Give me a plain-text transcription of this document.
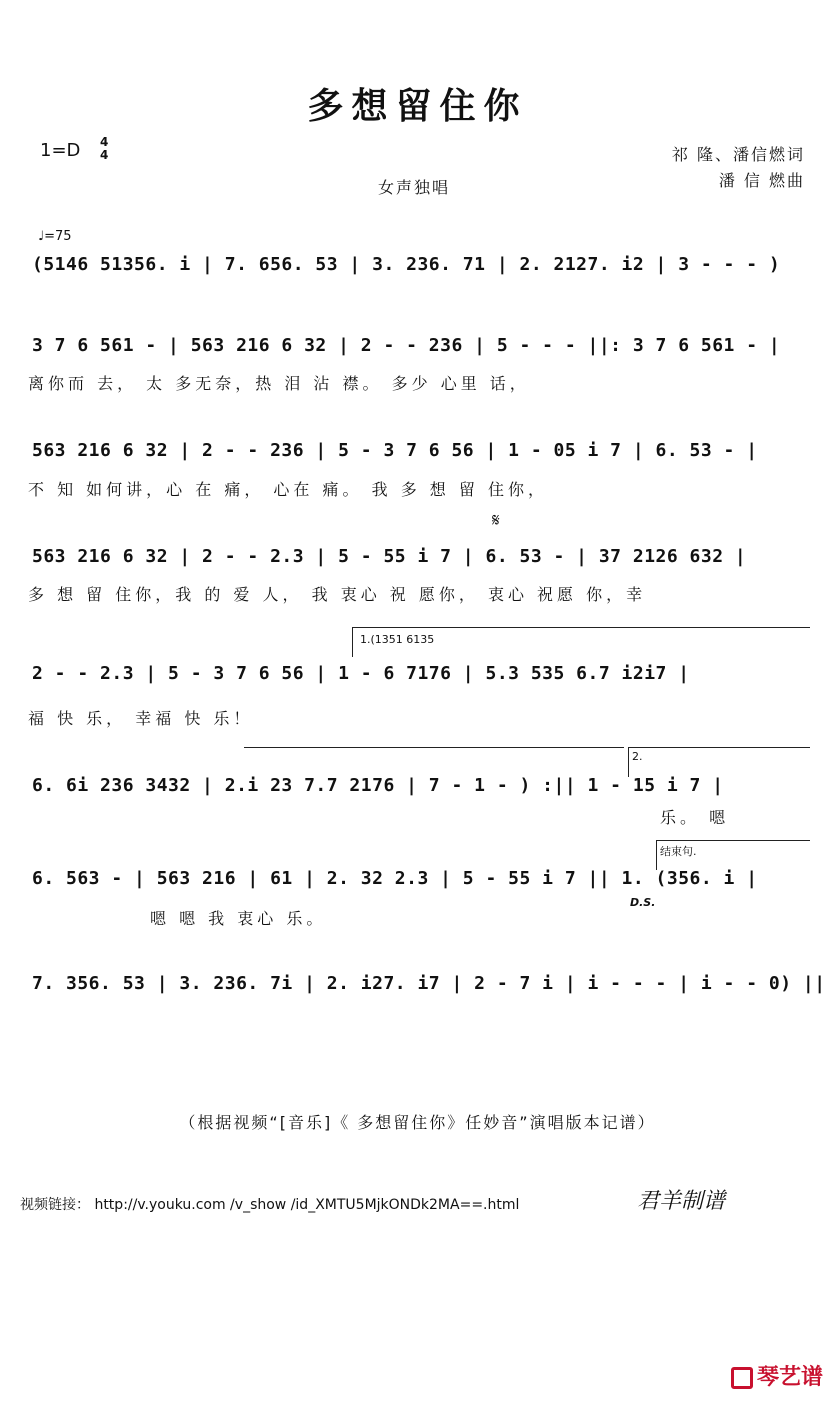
多想留住你
1=D 4
4	祁 隆、潘信燃词
潘 信 燃曲
女声独唱
♩=75
(5146 51356. i | 7. 656. 53 | 3. 236. 71 | 2. 2127. i2 | 3 - - - )
3 7 6 561 - | 563 216 6 32 | 2 - - 236 | 5 - - - ||: 3 7 6 561 - |
离你而 去， 太 多无奈，热 泪 沾 襟。 多少 心里 话，
563 216 6 32 | 2 - - 236 | 5 - 3 7 6 56 | 1 - 05 i 7 | 6. 53 - |
不 知 如何讲，心 在 痛， 心在 痛。 我 多 想 留 住你，
𝄋
563 216 6 32 | 2 - - 2.3 | 5 - 55 i 7 | 6. 53 - | 37 2126 632 |
多 想 留 住你，我 的 爱 人， 我 衷心 祝 愿你， 衷心 祝愿 你，幸
1.(1351 6135
2 - - 2.3 | 5 - 3 7 6 56 | 1 - 6 7176 | 5.3 535 6.7 i2i7 |
福 快 乐， 幸福 快 乐！
2.
6. 6i 236 3432 | 2.i 23 7.7 2176 | 7 - 1 - ) :|| 1 - 15 i 7 |
乐。 嗯
结束句.
6. 563 - | 563 216 | 61 | 2. 32 2.3 | 5 - 55 i 7 || 1. (356. i |
D.S.
嗯 嗯 我 衷心 乐。
7. 356. 53 | 3. 236. 7i | 2. i27. i7 | 2 - 7 i | i - - - | i - - 0) ||
（根据视频“[音乐]《 多想留住你》任妙音”演唱版本记谱）
视频链接： http://v.youku.com /v_show /id_XMTU5MjkONDk2MA==.html	君羊制谱
琴艺谱
